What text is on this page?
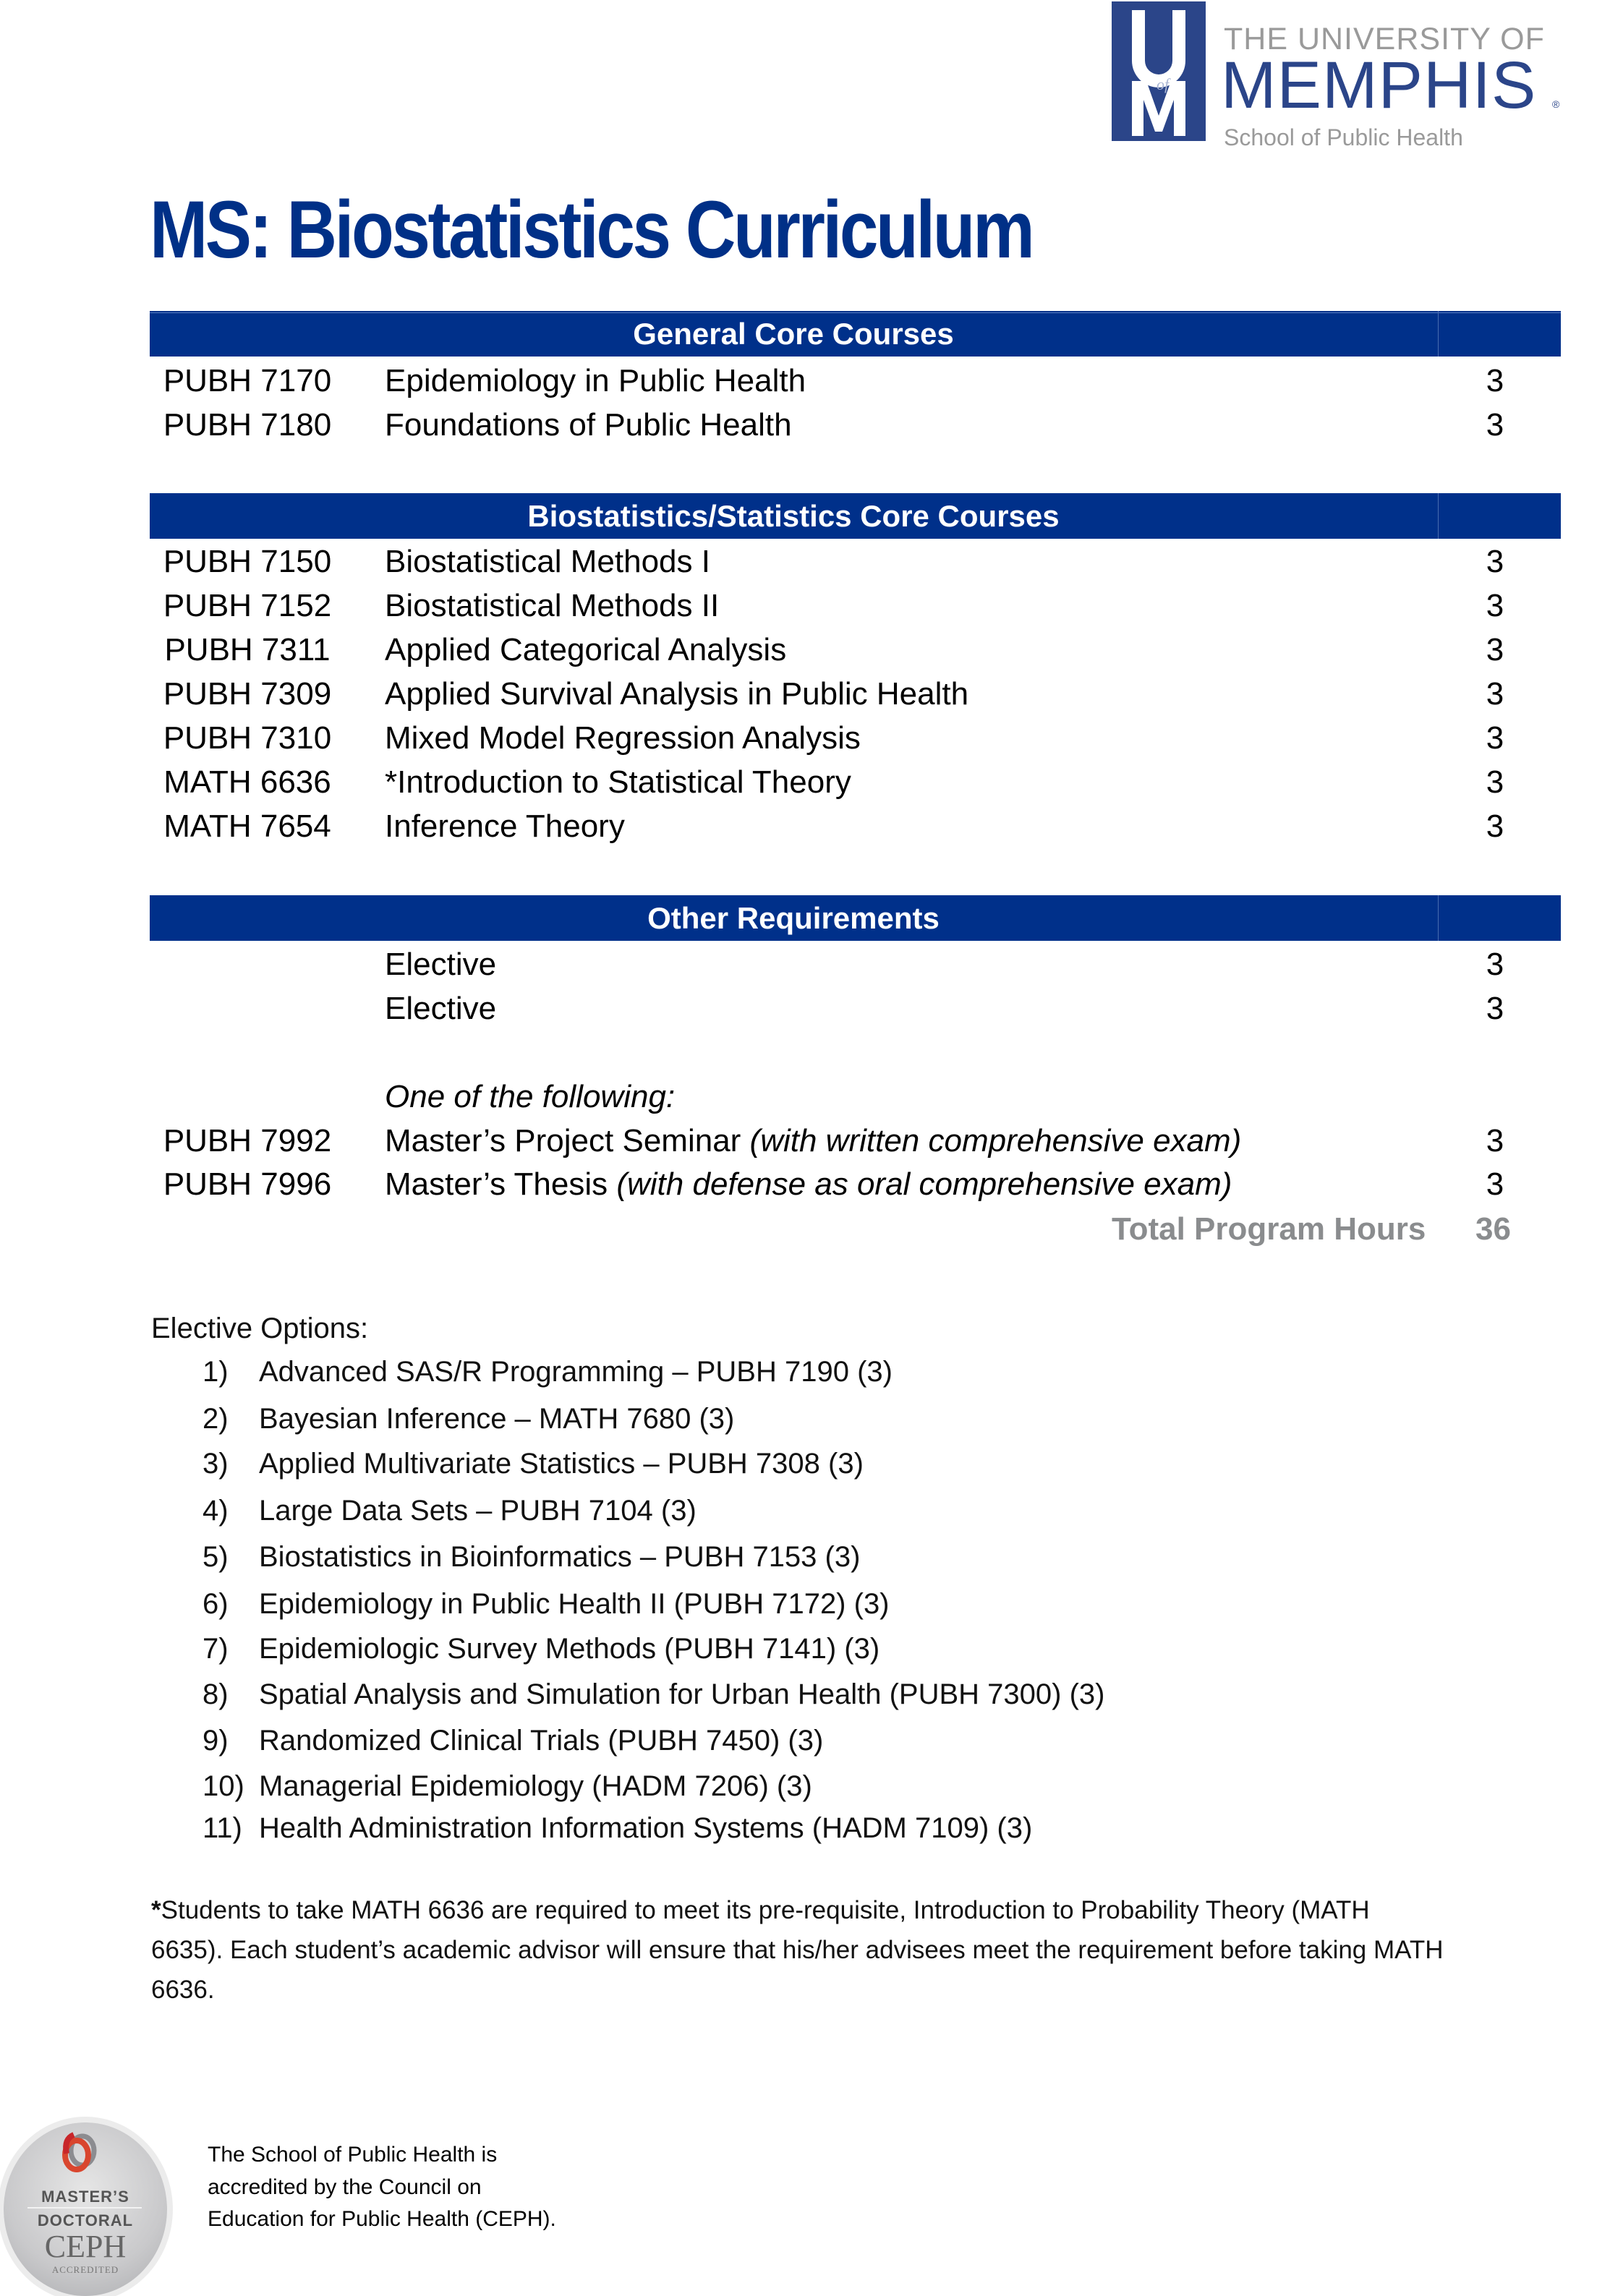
of
THE UNIVERSITY OF
MEMPHIS ®
School of Public Health
MS: Biostatistics Curriculum
General Core Courses
PUBH 7170	Epidemiology in Public Health	3
PUBH 7180	Foundations of Public Health	3
Biostatistics/Statistics Core Courses
PUBH 7150	Biostatistical Methods I	3
PUBH 7152	Biostatistical Methods II	3
PUBH 7311	Applied Categorical Analysis	3
PUBH 7309	Applied Survival Analysis in Public Health	3
PUBH 7310	Mixed Model Regression Analysis	3
MATH 6636	*Introduction to Statistical Theory	3
MATH 7654	Inference Theory	3
Other Requirements
Elective	3
Elective	3
One of the following:
PUBH 7992	Master’s Project Seminar (with written comprehensive exam)	3
PUBH 7996	Master’s Thesis (with defense as oral comprehensive exam)	3
Total Program Hours 36
Elective Options:
1) Advanced SAS/R Programming – PUBH 7190 (3)
2) Bayesian Inference – MATH 7680 (3)
3) Applied Multivariate Statistics – PUBH 7308 (3)
4) Large Data Sets – PUBH 7104 (3)
5) Biostatistics in Bioinformatics – PUBH 7153 (3)
6) Epidemiology in Public Health II (PUBH 7172) (3)
7) Epidemiologic Survey Methods (PUBH 7141) (3)
8) Spatial Analysis and Simulation for Urban Health (PUBH 7300) (3)
9) Randomized Clinical Trials (PUBH 7450) (3)
10) Managerial Epidemiology (HADM 7206) (3)
11) Health Administration Information Systems (HADM 7109) (3)
*Students to take MATH 6636 are required to meet its pre-requisite, Introduction to Probability Theory (MATH
6635). Each student’s academic advisor will ensure that his/her advisees meet the requirement before taking MATH
6636.
MASTER’S
DOCTORAL
CEPH
ACCREDITED
The School of Public Health is
accredited by the Council on
Education for Public Health (CEPH).
